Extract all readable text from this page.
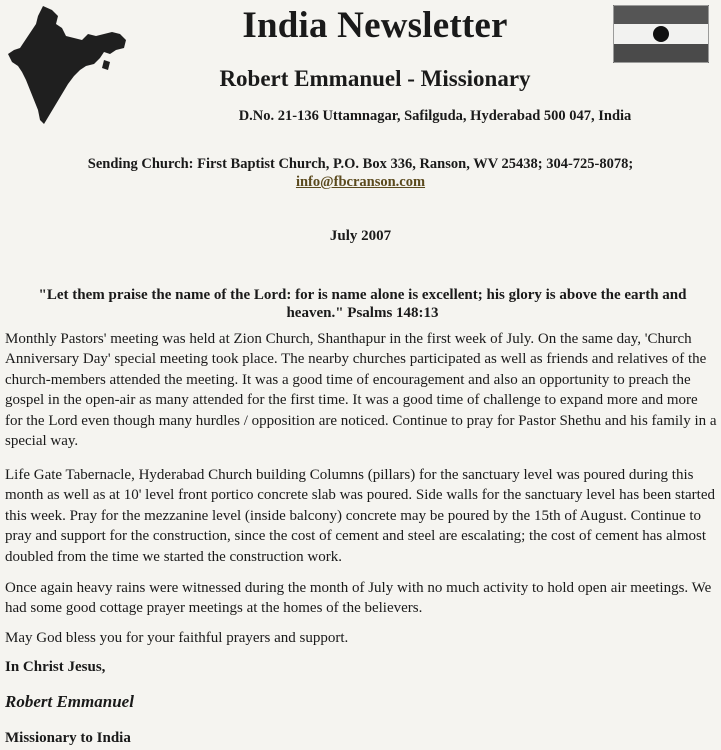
India Newsletter
Robert Emmanuel - Missionary
D.No. 21-136 Uttamnagar, Safilguda, Hyderabad 500 047, India
Sending Church: First Baptist Church, P.O. Box 336, Ranson, WV 25438; 304-725-8078;
info@fbcranson.com
July 2007
"Let them praise the name of the Lord: for is name alone is excellent; his glory is above the earth and heaven." Psalms 148:13
Monthly Pastors' meeting was held at Zion Church, Shanthapur in the first week of July. On the same day, 'Church Anniversary Day' special meeting took place. The nearby churches participated as well as friends and relatives of the church-members attended the meeting. It was a good time of encouragement and also an opportunity to preach the gospel in the open-air as many attended for the first time. It was a good time of challenge to expand more and more for the Lord even though many hurdles / opposition are noticed. Continue to pray for Pastor Shethu and his family in a special way.
Life Gate Tabernacle, Hyderabad Church building Columns (pillars) for the sanctuary level was poured during this month as well as at 10' level front portico concrete slab was poured. Side walls for the sanctuary level has been started this week. Pray for the mezzanine level (inside balcony) concrete may be poured by the 15th of August. Continue to pray and support for the construction, since the cost of cement and steel are escalating; the cost of cement has almost doubled from the time we started the construction work.
Once again heavy rains were witnessed during the month of July with no much activity to hold open air meetings. We had some good cottage prayer meetings at the homes of the believers.
May God bless you for your faithful prayers and support.
In Christ Jesus,
Robert Emmanuel
Missionary to India
